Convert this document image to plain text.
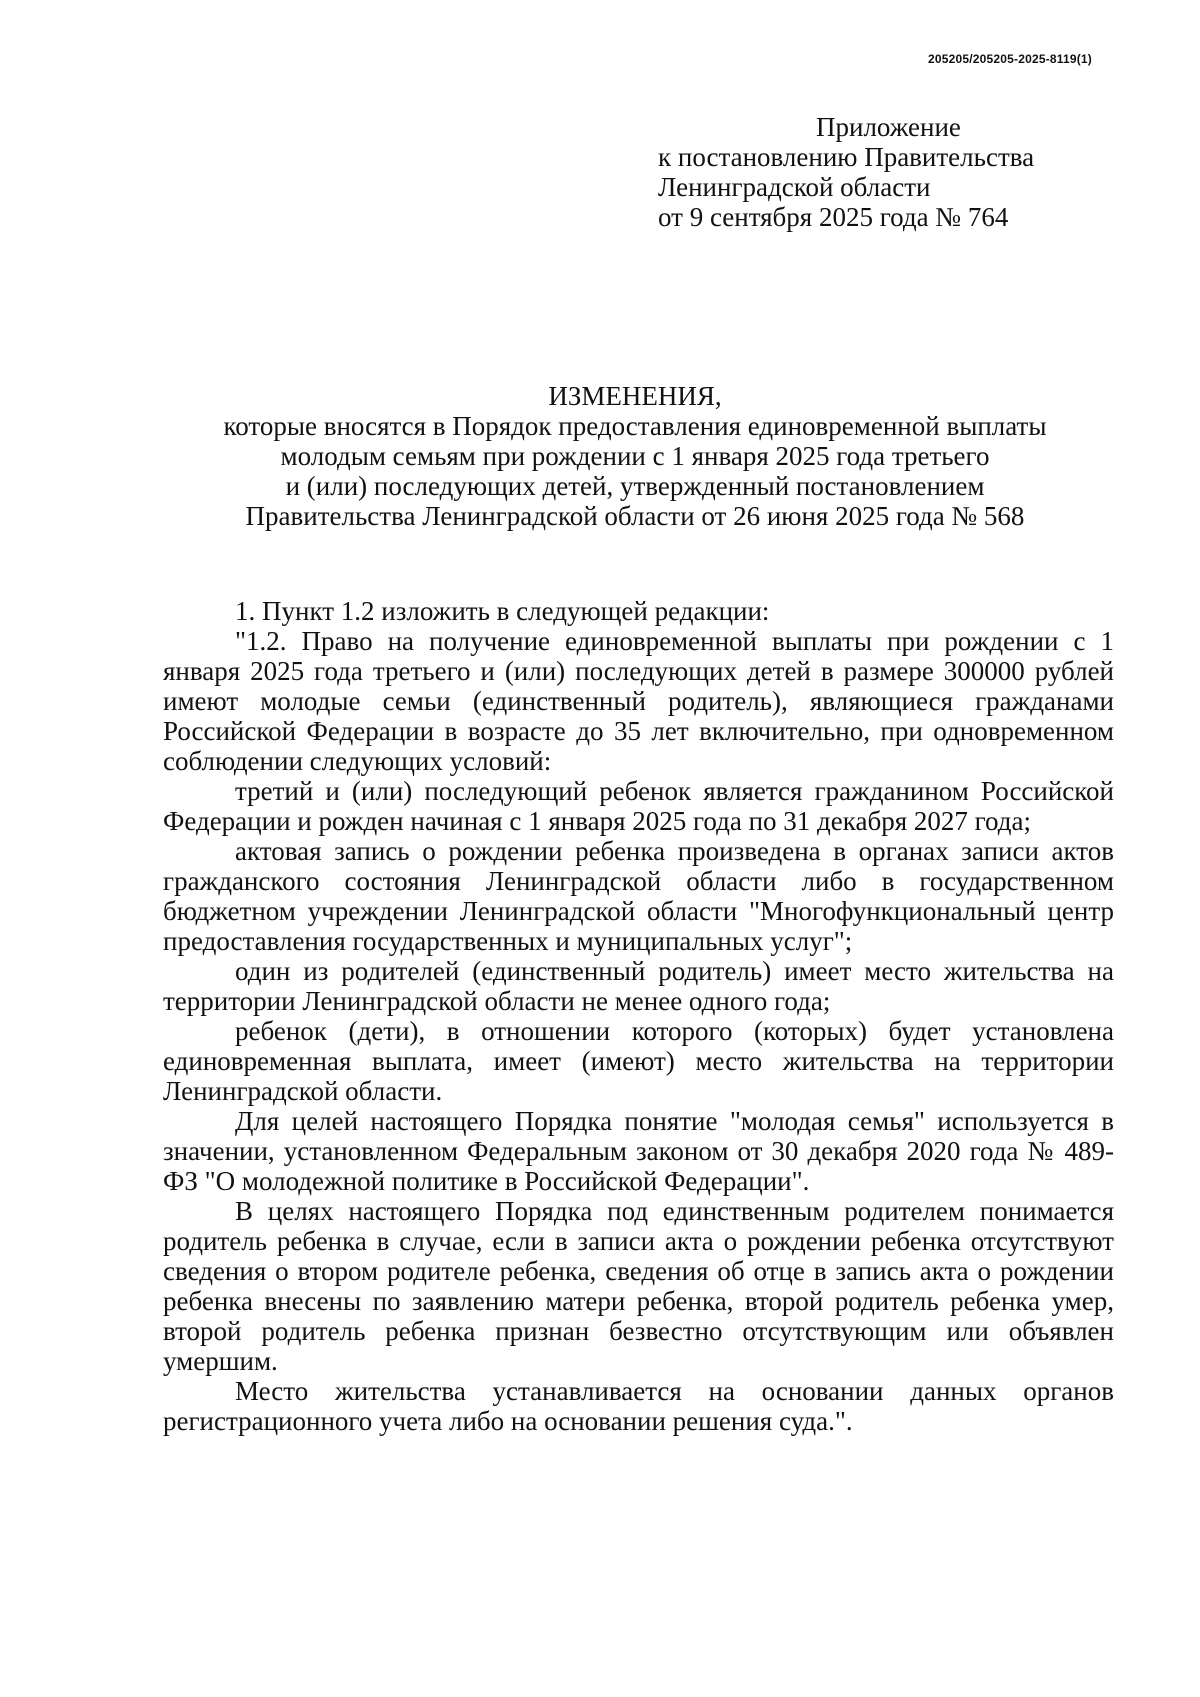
205205/205205-2025-8119(1)
Приложение
к постановлению Правительства
Ленинградской области
от 9 сентября 2025 года № 764
ИЗМЕНЕНИЯ,
которые вносятся в Порядок предоставления единовременной выплаты
молодым семьям при рождении с 1 января 2025 года третьего
и (или) последующих детей, утвержденный постановлением
Правительства Ленинградской области от 26 июня 2025 года № 568

1. Пункт 1.2 изложить в следующей редакции:

"1.2. Право на получение единовременной выплаты при рождении с 1 января 2025 года третьего и (или) последующих детей в размере 300000 рублей имеют молодые семьи (единственный родитель), являющиеся гражданами Российской Федерации в возрасте до 35 лет включительно, при одновременном соблюдении следующих условий:

третий и (или) последующий ребенок является гражданином Российской Федерации и рожден начиная с 1 января 2025 года по 31 декабря 2027 года;

актовая запись о рождении ребенка произведена в органах записи актов гражданского состояния Ленинградской области либо в государственном бюджетном учреждении Ленинградской области "Многофункциональный центр предоставления государственных и муниципальных услуг";

один из родителей (единственный родитель) имеет место жительства на территории Ленинградской области не менее одного года;

ребенок (дети), в отношении которого (которых) будет установлена единовременная выплата, имеет (имеют) место жительства на территории Ленинградской области.

Для целей настоящего Порядка понятие "молодая семья" используется в значении, установленном Федеральным законом от 30 декабря 2020 года № 489-ФЗ "О молодежной политике в Российской Федерации".

В целях настоящего Порядка под единственным родителем понимается родитель ребенка в случае, если в записи акта о рождении ребенка отсутствуют сведения о втором родителе ребенка, сведения об отце в запись акта о рождении ребенка внесены по заявлению матери ребенка, второй родитель ребенка умер, второй родитель ребенка признан безвестно отсутствующим или объявлен умершим.

Место жительства устанавливается на основании данных органов регистрационного учета либо на основании решения суда.".
